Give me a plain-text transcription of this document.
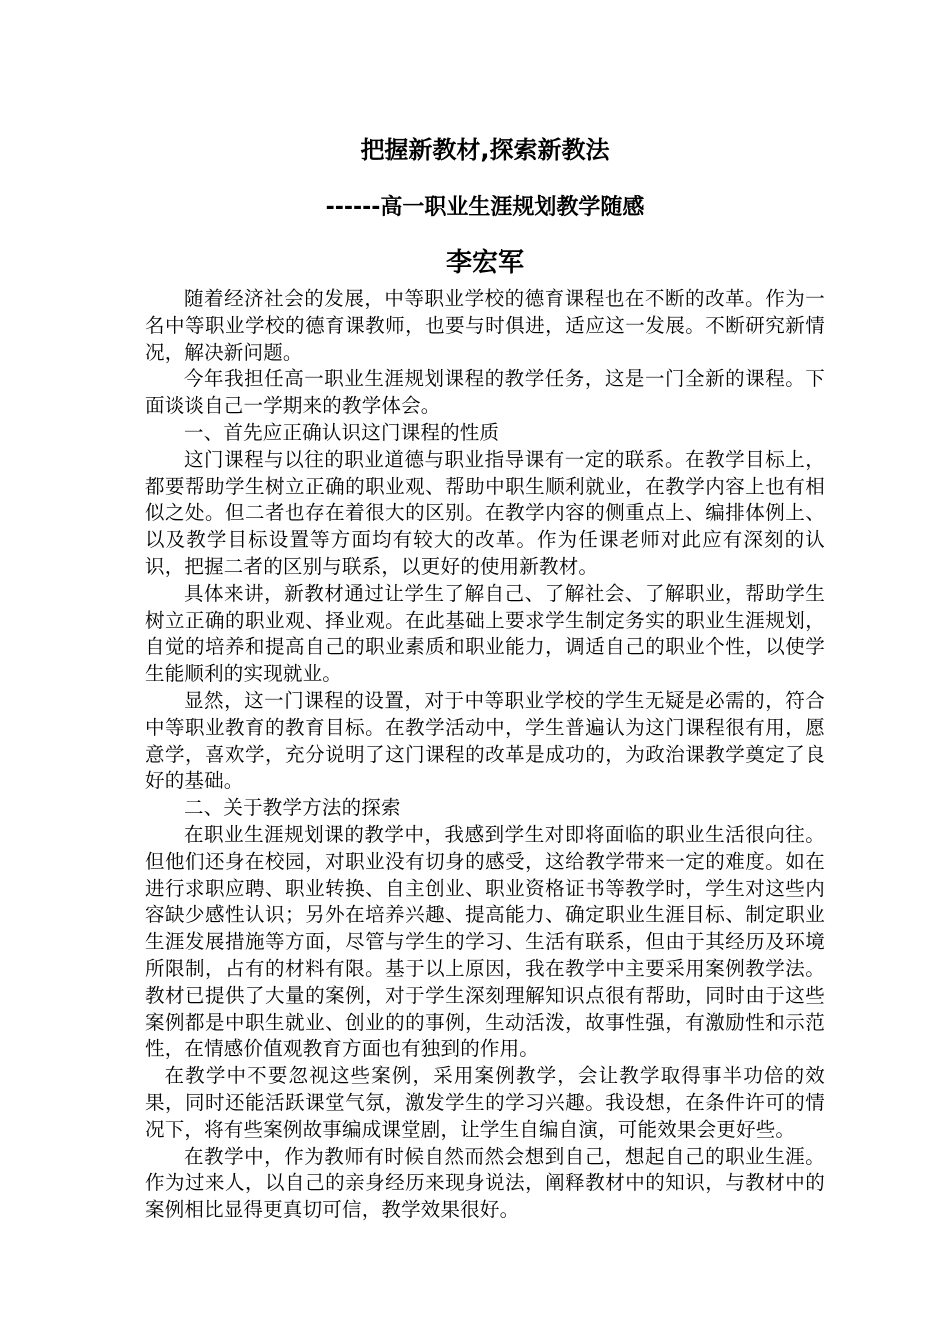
把握新教材,探索新教法
------高一职业生涯规划教学随感
李宏军

随着经济社会的发展，中等职业学校的德育课程也在不断的改革。作为一名中等职业学校的德育课教师，也要与时俱进，适应这一发展。不断研究新情况，解决新问题。

今年我担任高一职业生涯规划课程的教学任务，这是一门全新的课程。下面谈谈自己一学期来的教学体会。

一、首先应正确认识这门课程的性质

这门课程与以往的职业道德与职业指导课有一定的联系。在教学目标上，都要帮助学生树立正确的职业观、帮助中职生顺利就业，在教学内容上也有相似之处。但二者也存在着很大的区别。在教学内容的侧重点上、编排体例上、以及教学目标设置等方面均有较大的改革。作为任课老师对此应有深刻的认识，把握二者的区别与联系，以更好的使用新教材。

具体来讲，新教材通过让学生了解自己、了解社会、了解职业，帮助学生树立正确的职业观、择业观。在此基础上要求学生制定务实的职业生涯规划，自觉的培养和提高自己的职业素质和职业能力，调适自己的职业个性，以使学生能顺利的实现就业。

显然，这一门课程的设置，对于中等职业学校的学生无疑是必需的，符合中等职业教育的教育目标。在教学活动中，学生普遍认为这门课程很有用，愿意学，喜欢学，充分说明了这门课程的改革是成功的，为政治课教学奠定了良好的基础。

二、关于教学方法的探索

在职业生涯规划课的教学中，我感到学生对即将面临的职业生活很向往。但他们还身在校园，对职业没有切身的感受，这给教学带来一定的难度。如在进行求职应聘、职业转换、自主创业、职业资格证书等教学时，学生对这些内容缺少感性认识；另外在培养兴趣、提高能力、确定职业生涯目标、制定职业生涯发展措施等方面，尽管与学生的学习、生活有联系，但由于其经历及环境所限制，占有的材料有限。基于以上原因，我在教学中主要采用案例教学法。教材已提供了大量的案例，对于学生深刻理解知识点很有帮助，同时由于这些案例都是中职生就业、创业的的事例，生动活泼，故事性强，有激励性和示范性，在情感价值观教育方面也有独到的作用。

在教学中不要忽视这些案例，采用案例教学，会让教学取得事半功倍的效果，同时还能活跃课堂气氛，激发学生的学习兴趣。我设想，在条件许可的情况下，将有些案例故事编成课堂剧，让学生自编自演，可能效果会更好些。

在教学中，作为教师有时候自然而然会想到自己，想起自己的职业生涯。作为过来人，以自己的亲身经历来现身说法，阐释教材中的知识，与教材中的案例相比显得更真切可信，教学效果很好。
